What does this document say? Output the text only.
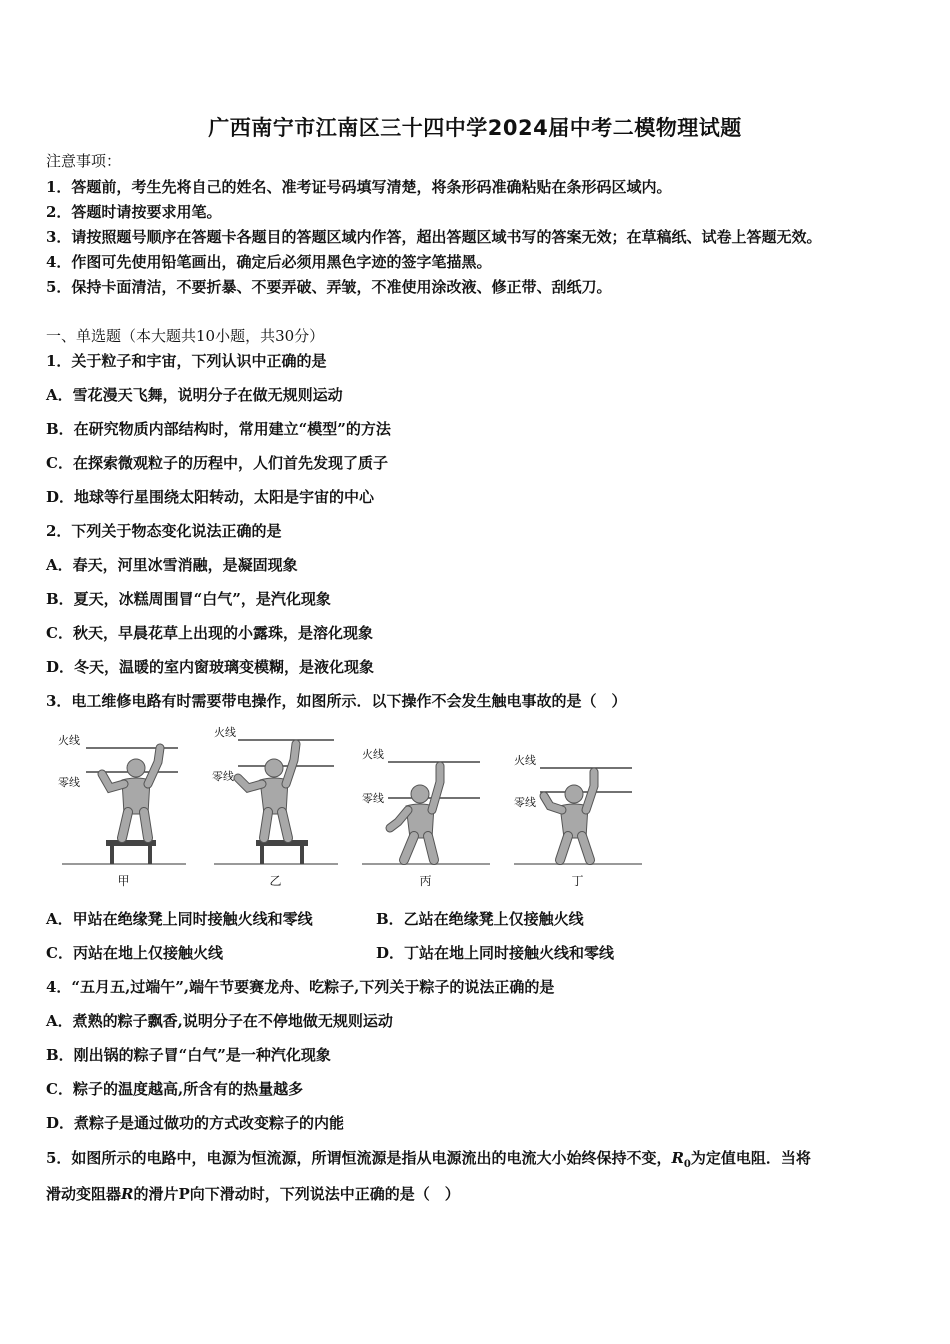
广西南宁市江南区三十四中学2024届中考二模物理试题
注意事项：
1．答题前，考生先将自己的姓名、准考证号码填写清楚，将条形码准确粘贴在条形码区域内。
2．答题时请按要求用笔。
3．请按照题号顺序在答题卡各题目的答题区域内作答，超出答题区域书写的答案无效；在草稿纸、试卷上答题无效。
4．作图可先使用铅笔画出，确定后必须用黑色字迹的签字笔描黑。
5．保持卡面清洁，不要折暴、不要弄破、弄皱，不准使用涂改液、修正带、刮纸刀。
一、单选题（本大题共10小题，共30分）
1．关于粒子和宇宙，下列认识中正确的是
A．雪花漫天飞舞，说明分子在做无规则运动
B．在研究物质内部结构时，常用建立“模型”的方法
C．在探索微观粒子的历程中，人们首先发现了质子
D．地球等行星围绕太阳转动，太阳是宇宙的中心
2．下列关于物态变化说法正确的是
A．春天，河里冰雪消融，是凝固现象
B．夏天，冰糕周围冒“白气”，是汽化现象
C．秋天，早晨花草上出现的小露珠，是溶化现象
D．冬天，温暖的室内窗玻璃变模糊，是液化现象
3．电工维修电路有时需要带电操作，如图所示．以下操作不会发生触电事故的是（　）
火线
零线
甲
火线
零线
乙
火线
零线
丙
火线
零线
丁
A．甲站在绝缘凳上同时接触火线和零线	B．乙站在绝缘凳上仅接触火线
C．丙站在地上仅接触火线	D．丁站在地上同时接触火线和零线
4．“五月五,过端午”,端午节要赛龙舟、吃粽子,下列关于粽子的说法正确的是
A．煮熟的粽子飘香,说明分子在不停地做无规则运动
B．刚出锅的粽子冒“白气”是一种汽化现象
C．粽子的温度越高,所含有的热量越多
D．煮粽子是通过做功的方式改变粽子的内能
5．如图所示的电路中，电源为恒流源，所谓恒流源是指从电源流出的电流大小始终保持不变，$R_0$为定值电阻．当将
滑动变阻器R的滑片P向下滑动时，下列说法中正确的是（　）
